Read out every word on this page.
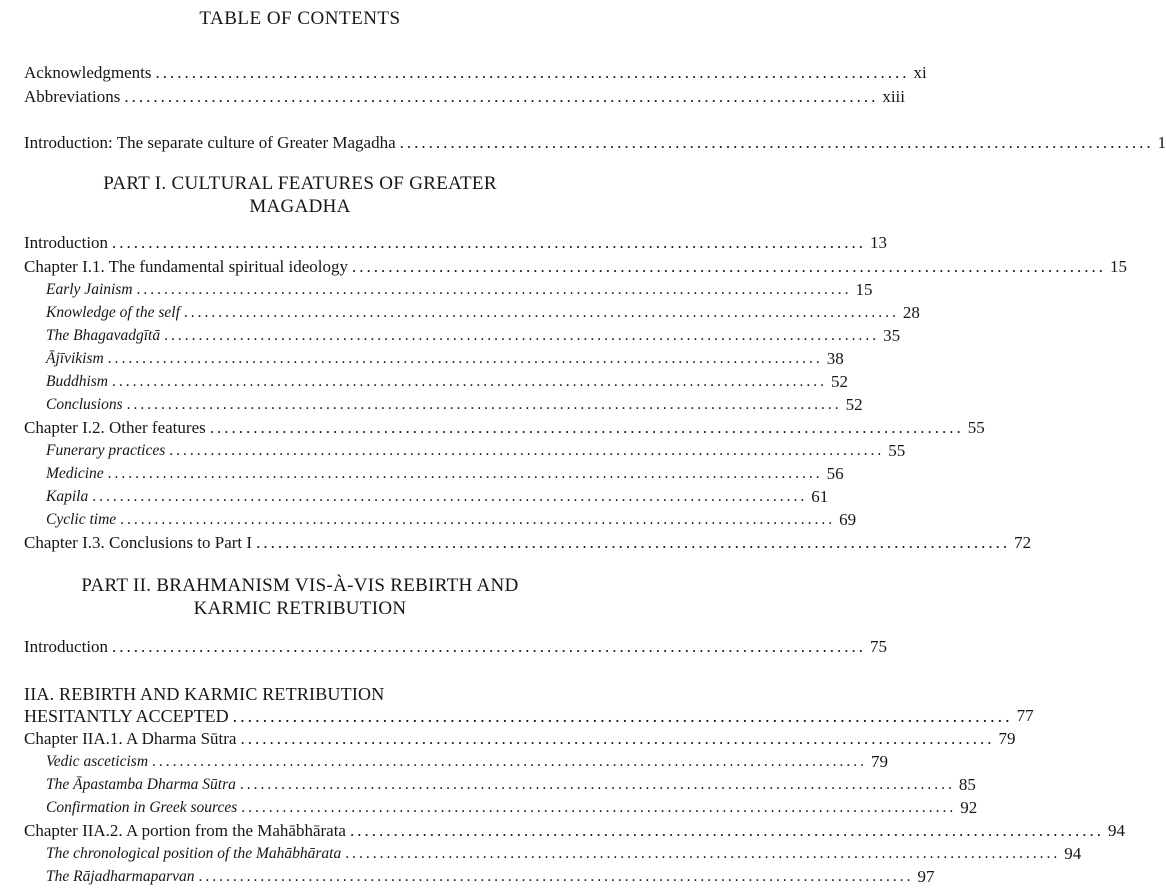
TABLE OF CONTENTS
Acknowledgments ........................................................................................................ xi
Abbreviations ........................................................................................................ xiii
Introduction: The separate culture of Greater Magadha ........................................................................................................ 1
PART I. CULTURAL FEATURES OF GREATER
MAGADHA
Introduction ........................................................................................................ 13
Chapter I.1. The fundamental spiritual ideology ........................................................................................................ 15
Early Jainism ........................................................................................................ 15
Knowledge of the self ........................................................................................................ 28
The Bhagavadgītā ........................................................................................................ 35
Ājīvikism ........................................................................................................ 38
Buddhism ........................................................................................................ 52
Conclusions ........................................................................................................ 52
Chapter I.2. Other features ........................................................................................................ 55
Funerary practices ........................................................................................................ 55
Medicine ........................................................................................................ 56
Kapila ........................................................................................................ 61
Cyclic time ........................................................................................................ 69
Chapter I.3. Conclusions to Part I ........................................................................................................ 72
PART II. BRAHMANISM VIS-À-VIS REBIRTH AND
KARMIC RETRIBUTION
Introduction ........................................................................................................ 75
IIA. REBIRTH AND KARMIC RETRIBUTION
HESITANTLY ACCEPTED ........................................................................................................ 77
Chapter IIA.1. A Dharma Sūtra ........................................................................................................ 79
Vedic asceticism ........................................................................................................ 79
The Āpastamba Dharma Sūtra ........................................................................................................ 85
Confirmation in Greek sources ........................................................................................................ 92
Chapter IIA.2. A portion from the Mahābhārata ........................................................................................................ 94
The chronological position of the Mahābhārata ........................................................................................................ 94
The Rājadharmaparvan ........................................................................................................ 97
